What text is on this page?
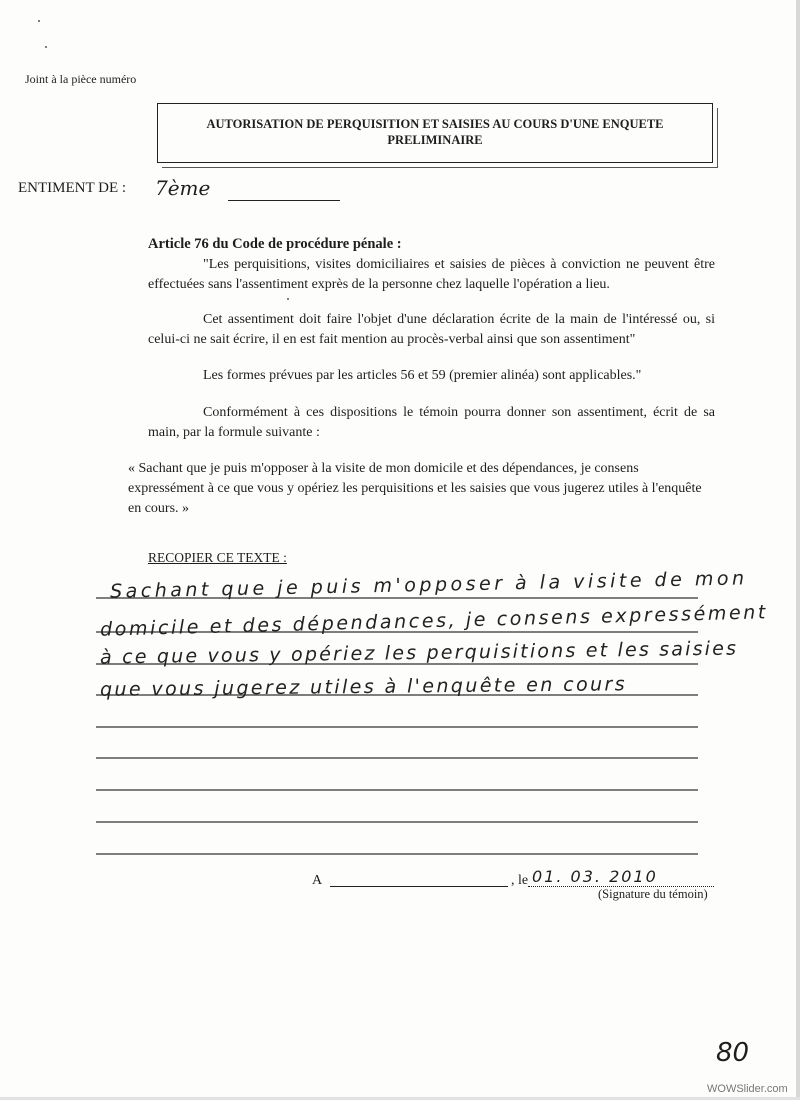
Joint à la pièce numéro
AUTORISATION DE PERQUISITION ET SAISIES AU COURS D'UNE ENQUETE
PRELIMINAIRE
ENTIMENT DE : 7ème
Article 76 du Code de procédure pénale :
"Les perquisitions, visites domiciliaires et saisies de pièces à conviction ne peuvent être effectuées sans l'assentiment exprès de la personne chez laquelle l'opération a lieu.
Cet assentiment doit faire l'objet d'une déclaration écrite de la main de l'intéressé ou, si celui-ci ne sait écrire, il en est fait mention au procès-verbal ainsi que son assentiment"
Les formes prévues par les articles 56 et 59 (premier alinéa) sont applicables."
Conformément à ces dispositions le témoin pourra donner son assentiment, écrit de sa main, par la formule suivante :
« Sachant que je puis m'opposer à la visite de mon domicile et des dépendances, je consens expressément à ce que vous y opériez les perquisitions et les saisies que vous jugerez utiles à l'enquête en cours. »
RECOPIER CE TEXTE :
Sachant que je puis m'opposer à la visite de mon
domicile et des dépendances, je consens expressément
à ce que vous y opériez les perquisitions et les saisies
que vous jugerez utiles à l'enquête en cours
A	, le 01. 03. 2010
(Signature du témoin)
80
WOWSlider.com
